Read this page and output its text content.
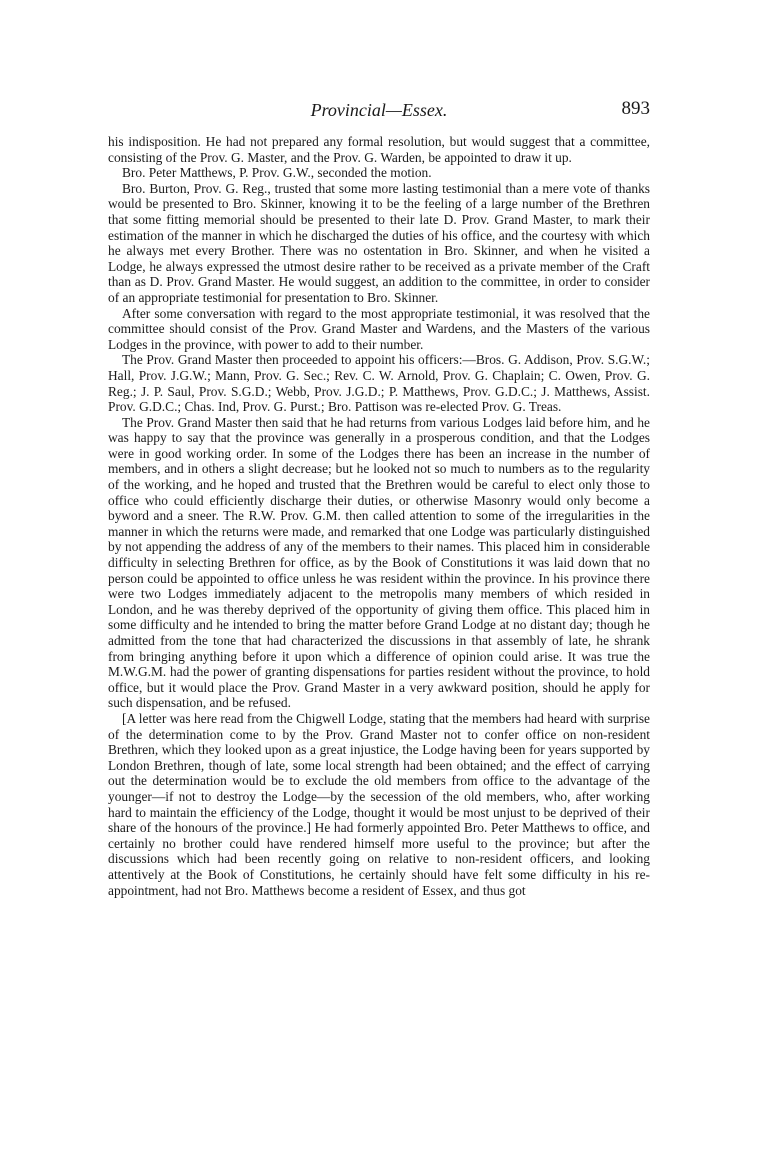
Provincial—Essex.	893

his indisposition. He had not prepared any formal resolution, but would suggest that a committee, consisting of the Prov. G. Master, and the Prov. G. Warden, be appointed to draw it up.

Bro. Peter Matthews, P. Prov. G.W., seconded the motion.

Bro. Burton, Prov. G. Reg., trusted that some more lasting testimonial than a mere vote of thanks would be presented to Bro. Skinner, knowing it to be the feeling of a large number of the Brethren that some fitting memorial should be presented to their late D. Prov. Grand Master, to mark their estimation of the manner in which he discharged the duties of his office, and the courtesy with which he always met every Brother. There was no ostentation in Bro. Skinner, and when he visited a Lodge, he always expressed the utmost desire rather to be received as a private member of the Craft than as D. Prov. Grand Master. He would suggest, an addition to the committee, in order to consider of an appropriate testimonial for presentation to Bro. Skinner.

After some conversation with regard to the most appropriate testimonial, it was resolved that the committee should consist of the Prov. Grand Master and Wardens, and the Masters of the various Lodges in the province, with power to add to their number.

The Prov. Grand Master then proceeded to appoint his officers:—Bros. G. Addison, Prov. S.G.W.; Hall, Prov. J.G.W.; Mann, Prov. G. Sec.; Rev. C. W. Arnold, Prov. G. Chaplain; C. Owen, Prov. G. Reg.; J. P. Saul, Prov. S.G.D.; Webb, Prov. J.G.D.; P. Matthews, Prov. G.D.C.; J. Matthews, Assist. Prov. G.D.C.; Chas. Ind, Prov. G. Purst.; Bro. Pattison was re-elected Prov. G. Treas.

The Prov. Grand Master then said that he had returns from various Lodges laid before him, and he was happy to say that the province was generally in a prosperous condition, and that the Lodges were in good working order. In some of the Lodges there has been an increase in the number of members, and in others a slight decrease; but he looked not so much to numbers as to the regularity of the working, and he hoped and trusted that the Brethren would be careful to elect only those to office who could efficiently discharge their duties, or otherwise Masonry would only become a byword and a sneer. The R.W. Prov. G.M. then called attention to some of the irregularities in the manner in which the returns were made, and remarked that one Lodge was particularly distinguished by not appending the address of any of the members to their names. This placed him in considerable difficulty in selecting Brethren for office, as by the Book of Constitutions it was laid down that no person could be appointed to office unless he was resident within the province. In his province there were two Lodges immediately adjacent to the metropolis many members of which resided in London, and he was thereby deprived of the opportunity of giving them office. This placed him in some difficulty and he intended to bring the matter before Grand Lodge at no distant day; though he admitted from the tone that had characterized the discussions in that assembly of late, he shrank from bringing anything before it upon which a difference of opinion could arise. It was true the M.W.G.M. had the power of granting dispensations for parties resident without the province, to hold office, but it would place the Prov. Grand Master in a very awkward position, should he apply for such dispensation, and be refused.

[A letter was here read from the Chigwell Lodge, stating that the members had heard with surprise of the determination come to by the Prov. Grand Master not to confer office on non-resident Brethren, which they looked upon as a great injustice, the Lodge having been for years supported by London Brethren, though of late, some local strength had been obtained; and the effect of carrying out the determination would be to exclude the old members from office to the advantage of the younger—if not to destroy the Lodge—by the secession of the old members, who, after working hard to maintain the efficiency of the Lodge, thought it would be most unjust to be deprived of their share of the honours of the province.] He had formerly appointed Bro. Peter Matthews to office, and certainly no brother could have rendered himself more useful to the province; but after the discussions which had been recently going on relative to non-resident officers, and looking attentively at the Book of Constitutions, he certainly should have felt some difficulty in his re-appointment, had not Bro. Matthews become a resident of Essex, and thus got
